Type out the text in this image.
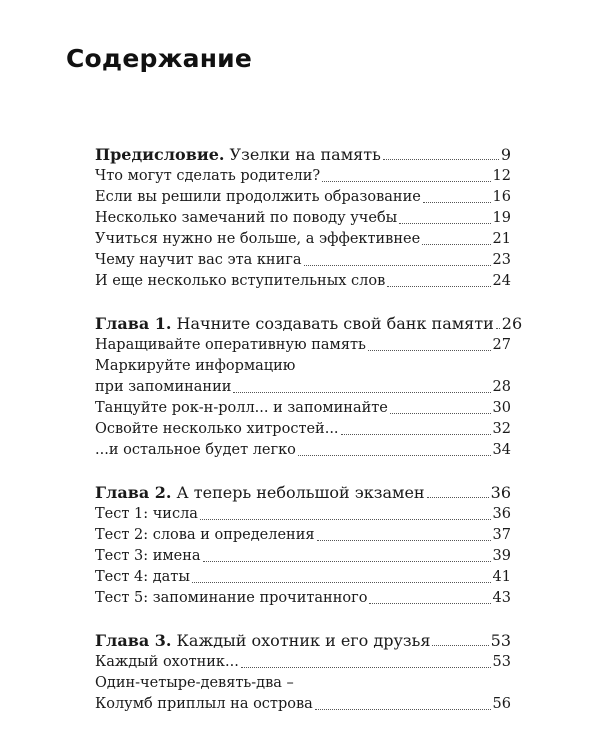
Содержание
Предисловие. Узелки на память	9
Что могут сделать родители?	12
Если вы решили продолжить образование	16
Несколько замечаний по поводу учебы	19
Учиться нужно не больше, а эффективнее	21
Чему научит вас эта книга	23
И еще несколько вступительных слов	24
Глава 1. Начните создавать свой банк памяти 26
Наращивайте оперативную память	27
Маркируйте информацию
при запоминании	28
Танцуйте рок-н-ролл... и запоминайте	30
Освойте несколько хитростей...	32
...и остальное будет легко	34
Глава 2. А теперь небольшой экзамен	36
Тест 1: числа	36
Тест 2: слова и определения	37
Тест 3: имена	39
Тест 4: даты	41
Тест 5: запоминание прочитанного	43
Глава 3. Каждый охотник и его друзья	53
Каждый охотник...	53
Один-четыре-девять-два –
Колумб приплыл на острова	56
